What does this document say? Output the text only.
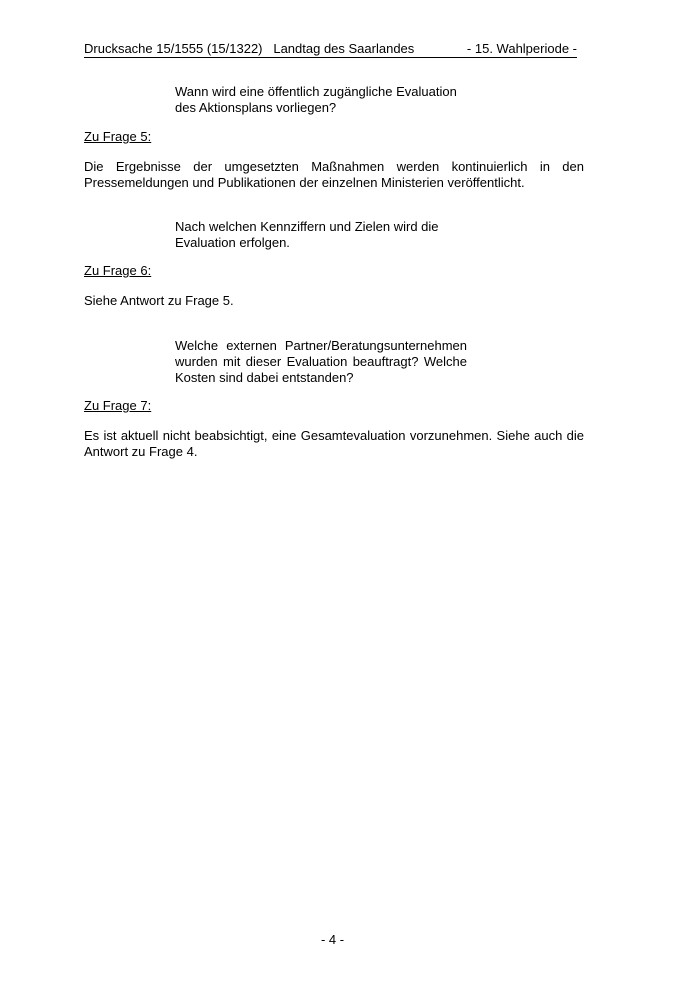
Drucksache 15/1555 (15/1322)   Landtag des Saarlandes	- 15. Wahlperiode -

Wann wird eine öffentlich zugängliche Evaluation

des Aktionsplans vorliegen?

Zu Frage 5:

Die Ergebnisse der umgesetzten Maßnahmen werden kontinuierlich in den Pressemeldungen und Publikationen der einzelnen Ministerien veröffentlicht.

Nach welchen Kennziffern und Zielen wird die

Evaluation erfolgen.

Zu Frage 6:

Siehe Antwort zu Frage 5.

Welche externen Partner/Beratungsunternehmen

wurden mit dieser Evaluation beauftragt? Welche

Kosten sind dabei entstanden?

Zu Frage 7:

Es ist aktuell nicht beabsichtigt, eine Gesamtevaluation vorzunehmen. Siehe auch die Antwort zu Frage 4.

- 4 -
